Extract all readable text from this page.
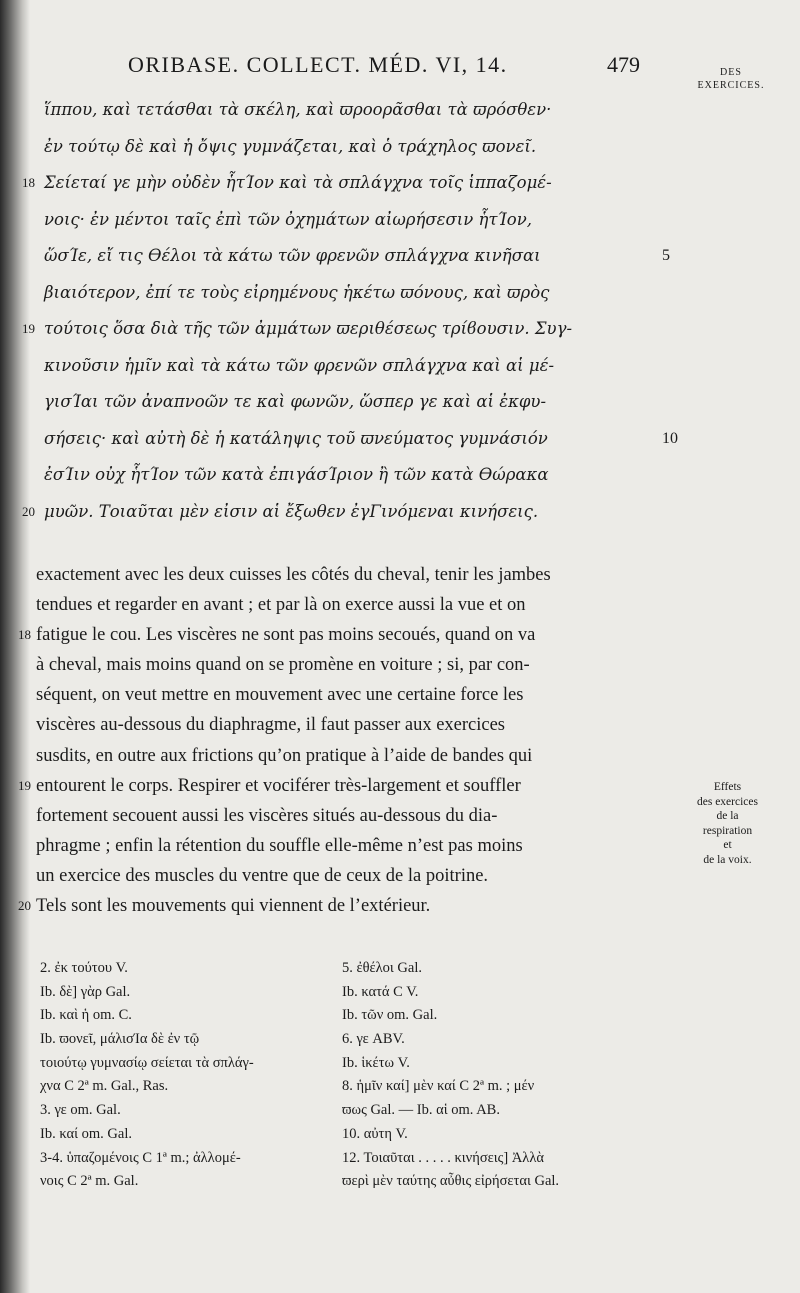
ORIBASE. COLLECT. MÉD. VI, 14.	479	DES
EXERCICES.
ἵππου, καὶ τετάσθαι τὰ σκέλη, καὶ ϖροορᾶσθαι τὰ ϖρόσθεν·
ἐν τούτῳ δὲ καὶ ἡ ὄψις γυμνάζεται, καὶ ὁ τράχηλος ϖονεῖ.
18 Σείεταί γε μὴν οὐδὲν ἧτΊον καὶ τὰ σπλάγχνα τοῖς ἱππαζομέ-
νοις· ἐν μέντοι ταῖς ἐπὶ τῶν ὀχημάτων αἰωρήσεσιν ἧτΊον,
ὥσΊε, εἴ τις Ѳέλοι τὰ κάτω τῶν φρενῶν σπλάγχνα κινῆσαι	5
βιαιότερον, ἐπί τε τοὺς εἰρημένους ἡκέτω ϖόνους, καὶ ϖρὸς
19 τούτοις ὅσα διὰ τῆς τῶν ἀμμάτων ϖεριθέσεως τρίϐουσιν. Συγ-
κινοῦσιν ἡμῖν καὶ τὰ κάτω τῶν φρενῶν σπλάγχνα καὶ αἱ μέ-
γισΊαι τῶν ἀναπνοῶν τε καὶ φωνῶν, ὥσπερ γε καὶ αἱ ἐκφυ-
σήσεις· καὶ αὐτὴ δὲ ἡ κατάληψις τοῦ ϖνεύματος γυμνάσιόν	10
ἐσΊιν οὐχ ἧτΊον τῶν κατὰ ἐπιγάσΊριον ἢ τῶν κατὰ Ѳώρακα
20 μυῶν. Τοιαῦται μὲν εἰσιν αἱ ἔξωθεν ἐγΓινόμεναι κινήσεις.
exactement avec les deux cuisses les côtés du cheval, tenir les jambes
tendues et regarder en avant ; et par là on exerce aussi la vue et on
18 fatigue le cou. Les viscères ne sont pas moins secoués, quand on va
à cheval, mais moins quand on se promène en voiture ; si, par con-
séquent, on veut mettre en mouvement avec une certaine force les
viscères au-dessous du diaphragme, il faut passer aux exercices
susdits, en outre aux frictions qu’on pratique à l’aide de bandes qui
19 entourent le corps. Respirer et vociférer très-largement et souffler
fortement secouent aussi les viscères situés au-dessous du dia-
phragme ; enfin la rétention du souffle elle-même n’est pas moins
un exercice des muscles du ventre que de ceux de la poitrine.
20 Tels sont les mouvements qui viennent de l’extérieur.
Effets
des exercices
de la
respiration
et
de la voix.
2. ἐκ τούτου V.
Ib. δὲ] γὰρ Gal.
Ib. καὶ ἡ om. C.
Ib. ϖονεῖ, μάλισΊα δὲ ἐν τῷ
τοιούτῳ γυμνασίῳ σείεται τὰ σπλάγ-
χνα C 2ª m. Gal., Ras.
3. γε om. Gal.
Ib. καί om. Gal.
3-4. ὑπαζομένοις C 1ª m.; ἀλλομέ-
νοις C 2ª m. Gal.
5. ἐθέλοι Gal.
Ib. κατά C V.
Ib. τῶν om. Gal.
6. γε ABV.
Ib. ἱκέτω V.
8. ἡμῖν καί] μὲν καί C 2ª m. ; μέν
ϖως Gal. — Ib. αἱ om. AB.
10. αὐτη V.
12. Τοιαῦται . . . . . κινήσεις] Ἀλλὰ
ϖερὶ μὲν ταύτης αὖθις εἰρήσεται Gal.
